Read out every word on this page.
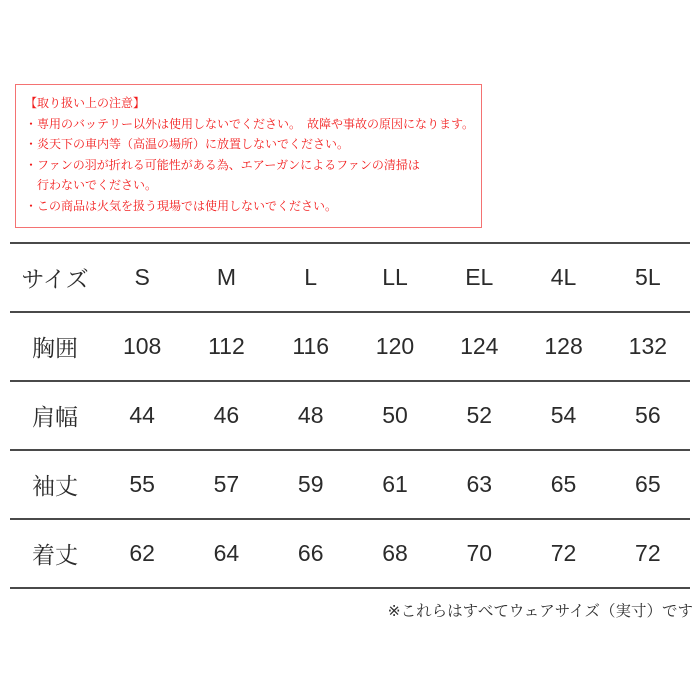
【取り扱い上の注意】
・専用のバッテリー以外は使用しないでください。　故障や事故の原因になります。
・炎天下の車内等（高温の場所）に放置しないでください。
・ファンの羽が折れる可能性がある為、エアーガンによるファンの清掃は
　行わないでください。
・この商品は火気を扱う現場では使用しないでください。
サイズ	S	M	L	LL	EL	4L	5L
胸囲	108	112	116	120	124	128	132
肩幅	44	46	48	50	52	54	56
袖丈	55	57	59	61	63	65	65
着丈	62	64	66	68	70	72	72
※これらはすべてウェアサイズ（実寸）です
